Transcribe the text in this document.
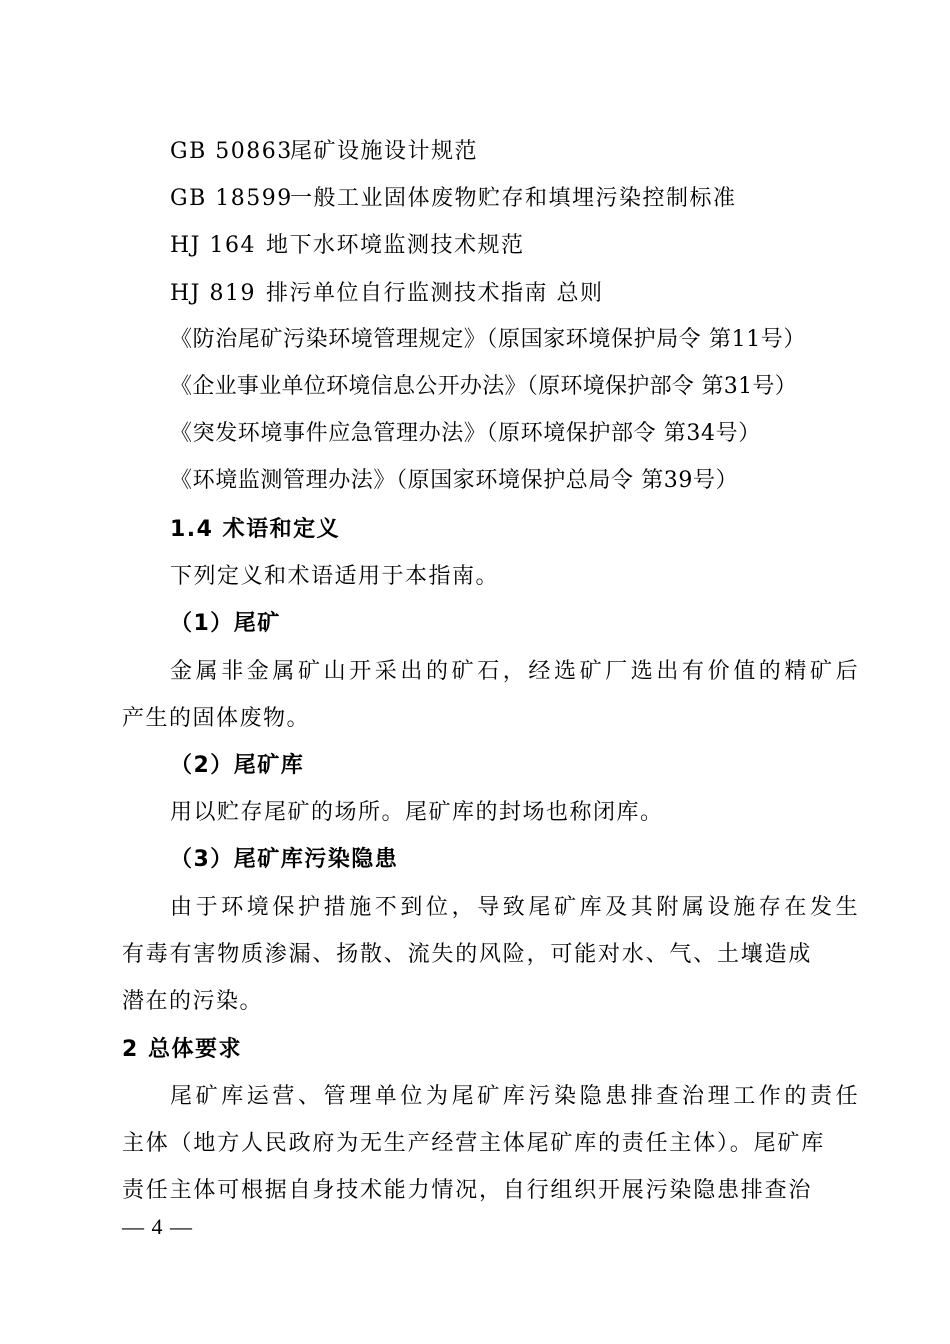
GB 50863尾矿设施设计规范
GB 18599一般工业固体废物贮存和填埋污染控制标准
HJ 164 地下水环境监测技术规范
HJ 819 排污单位自行监测技术指南 总则
《防治尾矿污染环境管理规定》（原国家环境保护局令 第11号）
《企业事业单位环境信息公开办法》（原环境保护部令 第31号）
《突发环境事件应急管理办法》（原环境保护部令 第34号）
《环境监测管理办法》（原国家环境保护总局令 第39号）
1.4 术语和定义
下列定义和术语适用于本指南。
（1）尾矿
金属非金属矿山开采出的矿石，经选矿厂选出有价值的精矿后
产生的固体废物。
（2）尾矿库
用以贮存尾矿的场所。尾矿库的封场也称闭库。
（3）尾矿库污染隐患
由于环境保护措施不到位，导致尾矿库及其附属设施存在发生
有毒有害物质渗漏、扬散、流失的风险，可能对水、气、土壤造成
潜在的污染。
2 总体要求
尾矿库运营、管理单位为尾矿库污染隐患排查治理工作的责任
主体（地方人民政府为无生产经营主体尾矿库的责任主体）。尾矿库
责任主体可根据自身技术能力情况，自行组织开展污染隐患排查治
— 4 —
